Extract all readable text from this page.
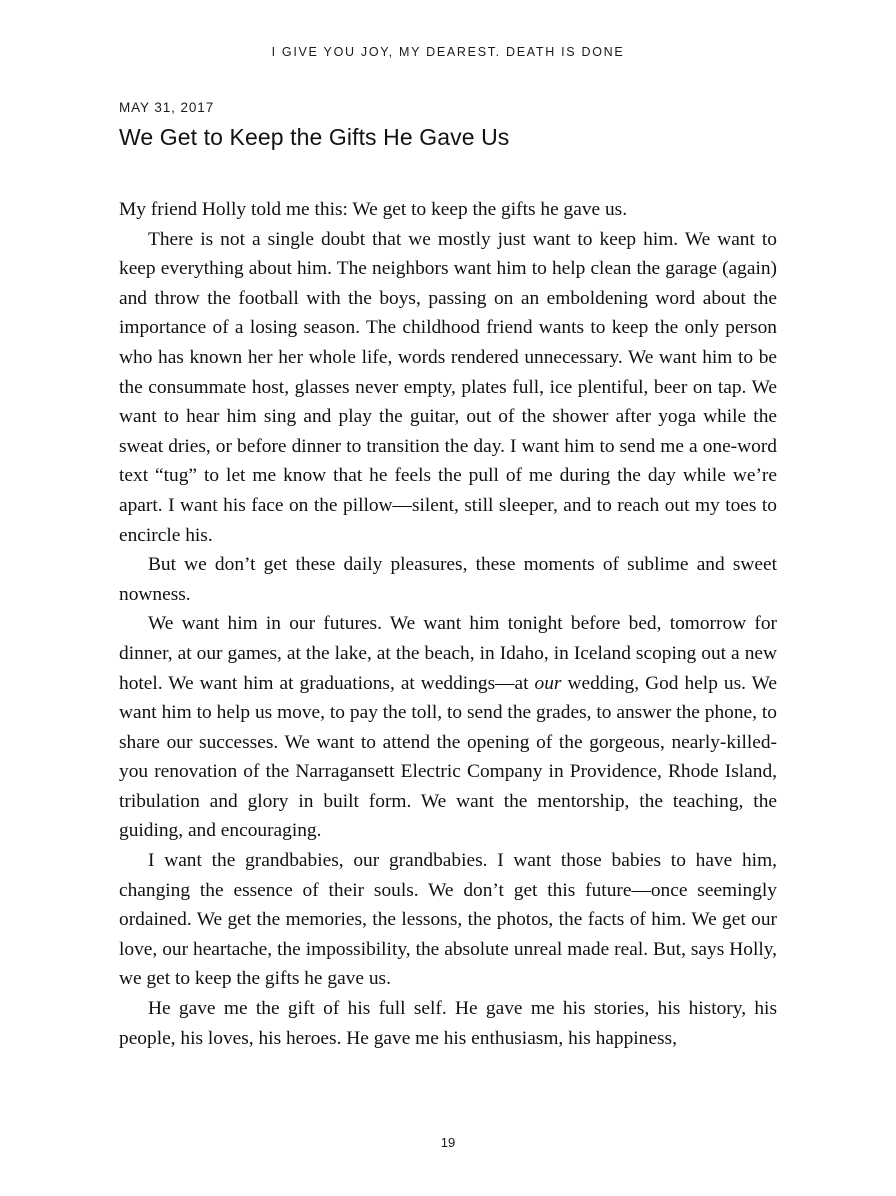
I GIVE YOU JOY, MY DEAREST. DEATH IS DONE
MAY 31, 2017
We Get to Keep the Gifts He Gave Us

My friend Holly told me this: We get to keep the gifts he gave us.

There is not a single doubt that we mostly just want to keep him. We want to keep everything about him. The neighbors want him to help clean the garage (again) and throw the football with the boys, passing on an emboldening word about the importance of a losing season. The childhood friend wants to keep the only person who has known her her whole life, words rendered unnecessary. We want him to be the consummate host, glasses never empty, plates full, ice plentiful, beer on tap. We want to hear him sing and play the guitar, out of the shower after yoga while the sweat dries, or before dinner to transition the day. I want him to send me a one-word text “tug” to let me know that he feels the pull of me during the day while we’re apart. I want his face on the pillow—silent, still sleeper, and to reach out my toes to encircle his.

But we don’t get these daily pleasures, these moments of sublime and sweet nowness.

We want him in our futures. We want him tonight before bed, tomorrow for dinner, at our games, at the lake, at the beach, in Idaho, in Iceland scoping out a new hotel. We want him at graduations, at weddings—at our wedding, God help us. We want him to help us move, to pay the toll, to send the grades, to answer the phone, to share our successes. We want to attend the opening of the gorgeous, nearly-killed-you renovation of the Narragansett Electric Company in Providence, Rhode Island, tribulation and glory in built form. We want the mentorship, the teaching, the guiding, and encouraging.

I want the grandbabies, our grandbabies. I want those babies to have him, changing the essence of their souls. We don’t get this future—once seemingly ordained. We get the memories, the lessons, the photos, the facts of him. We get our love, our heartache, the impossibility, the absolute unreal made real. But, says Holly, we get to keep the gifts he gave us.

He gave me the gift of his full self. He gave me his stories, his history, his people, his loves, his heroes. He gave me his enthusiasm, his happiness,

19
